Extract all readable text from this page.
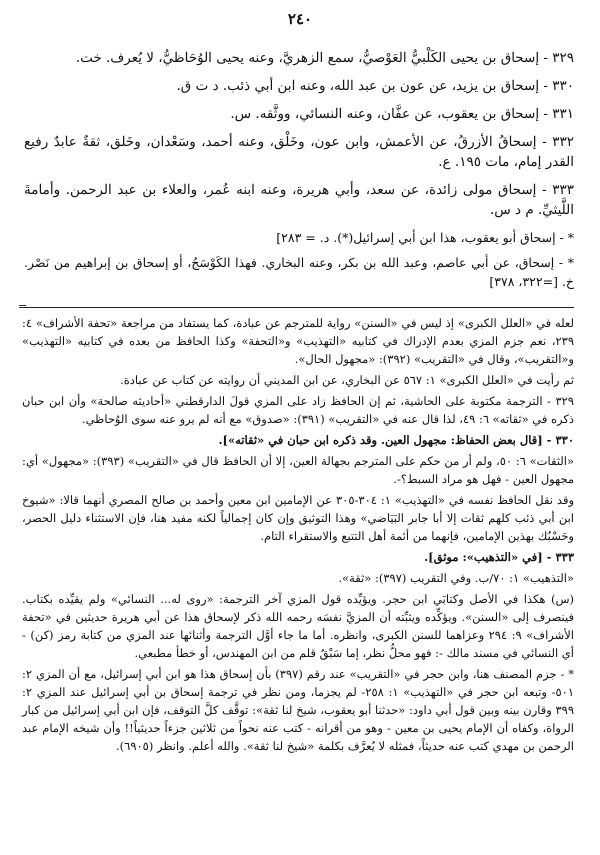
٢٤٠

٣٢٩ - إسحاق بن يحيى الكَلْبيُّ العَوْصيُّ، سمع الزهريَّ، وعنه يحيى الوُحَاظيُّ، لا يُعرف. خت.

٣٣٠ - إسحاق بن يزيد، عن عون بن عبد الله، وعنه ابن أبي ذئب. د ت ق.

٣٣١ - إسحاق بن يعقوب، عن عفَّان، وعنه النسائي، ووثَّقه. س.

٣٣٢ - إسحاقُ الأزرقُ، عن الأعمش، وابن عون، وخَلْق، وعنه أحمد، وسَعْدان، وخَلق، ثقةٌ عابدٌ رفيع القدر إمام، مات ١٩٥. ع.

٣٣٣ - إسحاق مولى زائدة، عن سعد، وأبي هريرة، وعنه ابنه عُمر، والعلاء بن عبد الرحمن. وأمامةَ اللَّيثيِّ. م د س.

* - إسحاق أبو يعقوب، هذا ابن أبي إسرائيل(*). د. = ٢٨٣]

* - إسحاق، عن أبي عاصم، وعبد الله بن بكر، وعنه البخاري. فهذا الكَوْسَجُ، أو إسحاق بن إبراهيم من نَصْر. خ. [=٣٢٢، ٣٧٨]

=

لعله في «العلل الكبرى» إذ ليس في «السنن» رواية للمترجم عن عبادة، كما يستفاد من مراجعة «تحفة الأشراف» ٤: ٢٣٩، نعم جزم المزي بعدم الإدراك في كتابيه «التهذيب» و«التحفة» وكذا الحافظ من بعده في كتابيه «التهذيب» و«التقريب»، وقال في «التقريب» (٣٩٢): «مجهول الحال».

ثم رأيت في «العلل الكبرى» ١: ٥٦٧ عن البخاري، عن ابن المديني أن روايته عن كتاب عن عبادة.

٣٢٩ - الترجمة مكتوبة على الحاشية، ثم إن الحافظ زاد على المزي قولَ الدارقطني «أحاديثه صالحة» وأن ابن حبان ذكره في «ثقاته» ٦: ٤٩، لذا قال عنه في «التقريب» (٣٩١): «صدوق» مع أنه لم يرو عنه سوى الوُحاظي.

٣٣٠ - [قال بعض الحفاظ: مجهول العين. وقد ذكره ابن حبان في «ثقاته»].

«الثقات» ٦: ٥٠، ولم أر من حكم على المترجم بجهالة العين، إلا أن الحافظ قال في «التقريب» (٣٩٣): «مجهول» أي: مجهول العين - فهل هو مراد السبط؟-.

وقد نقل الحافظ نفسه في «التهذيب» ١: ٣٠٤-٣٠٥ عن الإمامين ابن معين وأحمد بن صالح المصري أنهما قالا: «شيوخ ابن أبي ذئب كلهم ثقات إلا أبا جابر البَيَاضي» وهذا التوثيق وإن كان إجمالياً لكنه مفيد هنا، فإن الاستثناء دليل الحصر، وحَسْبُك بهذين الإمامين، فإنهما من أئمة أهل التتبع والاستقراء التام.

٣٣٣ - [في «التذهيب»: موثق].

«التذهيب» ١: ٧٠/ب. وفي التقريب (٣٩٧): «ثقة».

(س) هكذا في الأصل وكتابَي ابن حجر. ويؤيِّده قول المزي آخر الترجمة: «روى له... النسائي» ولم يقيِّده بكتاب. فينصرف إلى «السنن». ويؤكِّده ويثبِّته أن المزيَّ نفسَه رحمه الله ذكر لإسحاق هذا عن أبي هريرة حديثين في «تحفة الأشراف» ٩: ٢٩٤ وعزاهما للسنن الكبرى، وانظره. أما ما جاء أوَّل الترجمة وأثنائها عند المزي من كتابة رمز (كن) - أي النسائي في مسند مالك -: فهو محلُّ نظر، إما سَبْقُ قلم من ابن المهندس، أو خطأ مطبعي.

* - جزم المصنف هنا، وابن حجر في «التقريب» عند رقم (٣٩٧) بأن إسحاق هذا هو ابن أبي إسرائيل، مع أن المزي ٢: ٥٠١- وتبعه ابن حجر في «التهذيب» ١: ٢٥٨- لم يجزما، ومن نظر في ترجمة إسحاق بن أبي إسرائيل عند المزي ٢: ٣٩٩ وقارن بينه وبين قول أبي داود: «حدثنا أبو يعقوب، شيخ لنا ثقة»: توقَّف كلَّ التوقف، فإن ابن أبي إسرائيل من كبار الرواة، وكفاه أن الإمام يحيى بن معين - وهو من أقرانه - كتب عنه نحواً من ثلاثين جزءاً حديثياً!! وأن شيخه الإمام عبد الرحمن بن مهدي كتب عنه حديثاً، فمثله لا يُعرَّف بكلمة «شيخ لنا ثقة». والله أعلم. وانظر (٦٩٠٥).
